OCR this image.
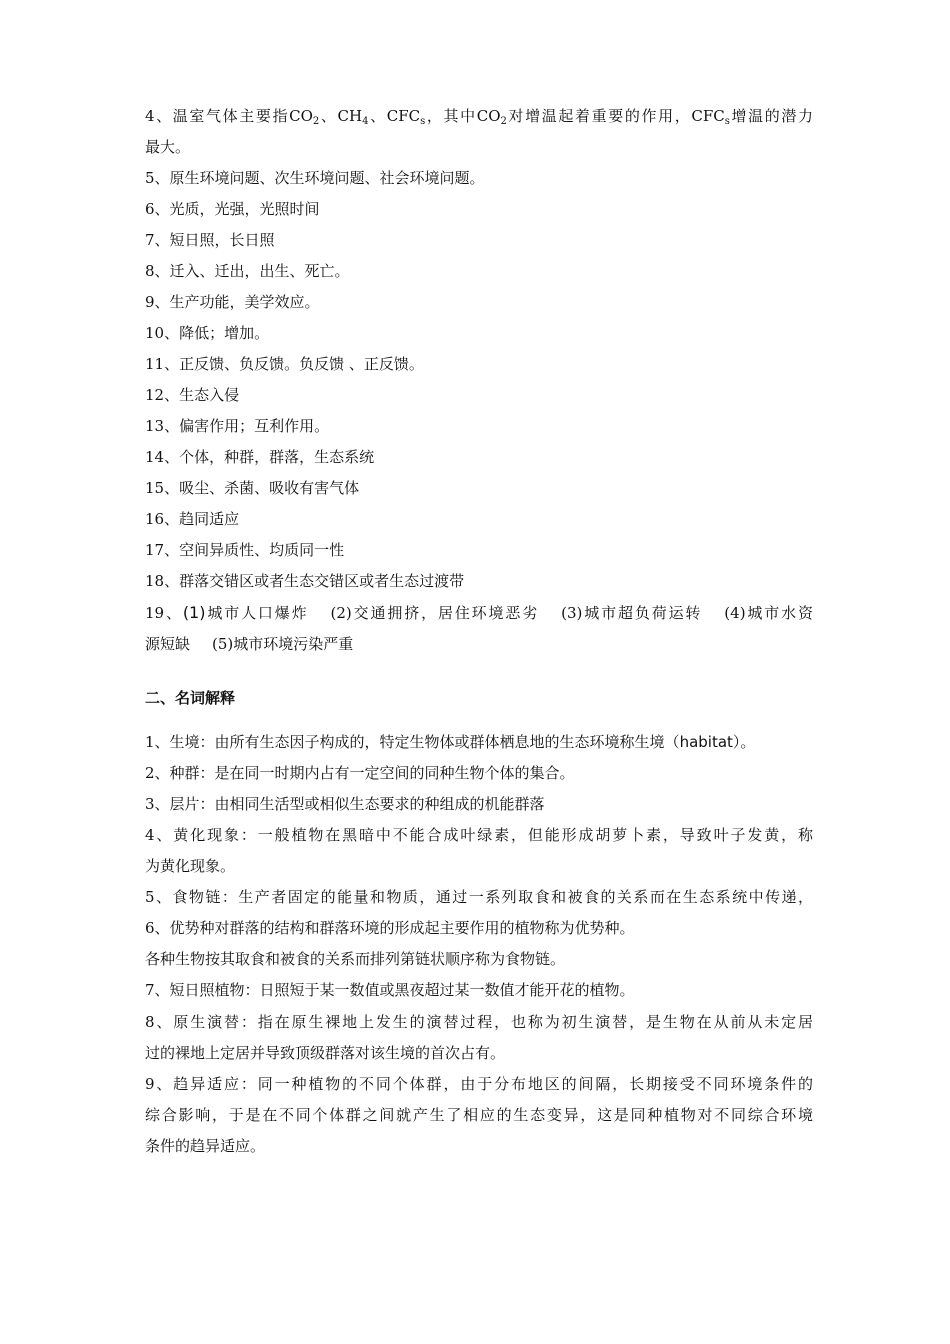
4、温室气体主要指$CO_2$、$CH_4$、$CFC_s$，其中$CO_2$对增温起着重要的作用，$CFC_s$增温的潜力
最大。
5、原生环境问题、次生环境问题、社会环境问题。
6、光质，光强，光照时间
7、短日照，长日照
8、迁入、迁出，出生、死亡。
9、生产功能，美学效应。
10、降低；增加。
11、正反馈、负反馈。负反馈 、正反馈。
12、生态入侵
13、偏害作用；互利作用。
14、个体，种群，群落，生态系统
15、吸尘、杀菌、吸收有害气体
16、趋同适应
17、空间异质性、均质同一性
18、群落交错区或者生态交错区或者生态过渡带
19、(1)城市人口爆炸 (2)交通拥挤，居住环境恶劣 (3)城市超负荷运转 (4)城市水资
源短缺 (5)城市环境污染严重
二、名词解释
1、生境：由所有生态因子构成的，特定生物体或群体栖息地的生态环境称生境（habitat）。
2、种群：是在同一时期内占有一定空间的同种生物个体的集合。
3、层片：由相同生活型或相似生态要求的种组成的机能群落
4、黄化现象：一般植物在黑暗中不能合成叶绿素，但能形成胡萝卜素，导致叶子发黄，称
为黄化现象。
5、食物链：生产者固定的能量和物质，通过一系列取食和被食的关系而在生态系统中传递，
6、优势种对群落的结构和群落环境的形成起主要作用的植物称为优势种。
各种生物按其取食和被食的关系而排列第链状顺序称为食物链。
7、短日照植物：日照短于某一数值或黑夜超过某一数值才能开花的植物。
8、原生演替：指在原生裸地上发生的演替过程，也称为初生演替，是生物在从前从未定居
过的裸地上定居并导致顶级群落对该生境的首次占有。
9、趋异适应：同一种植物的不同个体群，由于分布地区的间隔，长期接受不同环境条件的
综合影响，于是在不同个体群之间就产生了相应的生态变异，这是同种植物对不同综合环境
条件的趋异适应。
